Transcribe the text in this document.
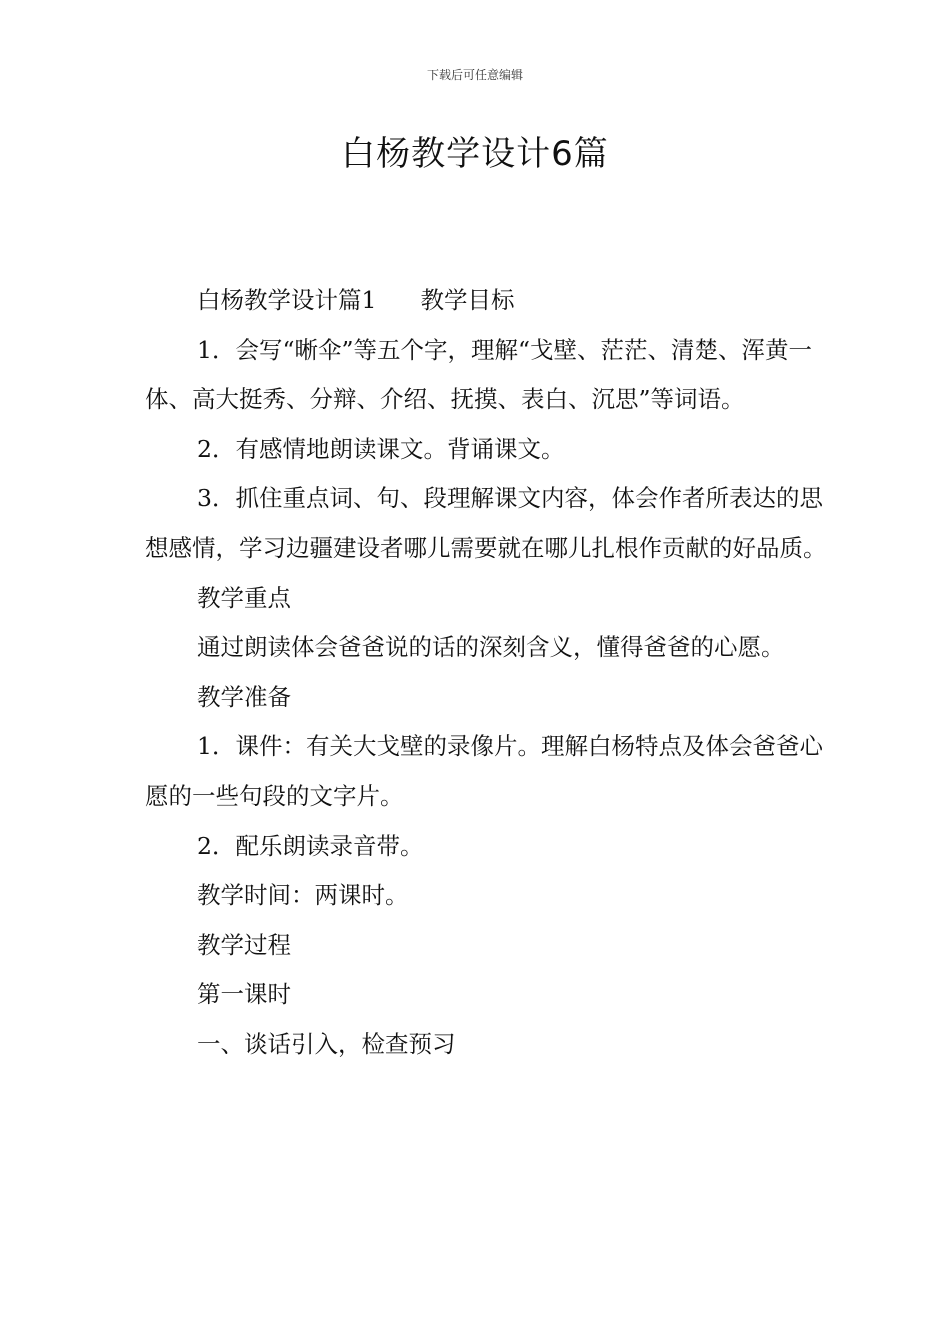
下载后可任意编辑
白杨教学设计6篇

白杨教学设计篇1 教学目标

1．会写“晰伞”等五个字，理解“戈壁、茫茫、清楚、浑黄一体、高大挺秀、分辩、介绍、抚摸、表白、沉思”等词语。

2．有感情地朗读课文。背诵课文。

3．抓住重点词、句、段理解课文内容，体会作者所表达的思想感情，学习边疆建设者哪儿需要就在哪儿扎根作贡献的好品质。

教学重点

通过朗读体会爸爸说的话的深刻含义，懂得爸爸的心愿。

教学准备

1．课件：有关大戈壁的录像片。理解白杨特点及体会爸爸心愿的一些句段的文字片。

2．配乐朗读录音带。

教学时间：两课时。

教学过程

第一课时

一、谈话引入，检查预习
